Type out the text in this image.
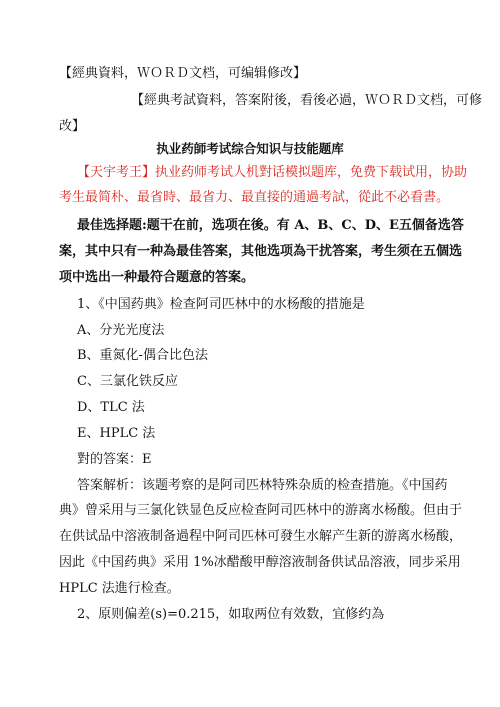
【經典資料，ＷＯＲＤ文档，可编辑修改】
【經典考試資料，答案附後，看後必過，ＷＯＲＤ文档，可修
改】
执业药師考试综合知识与技能题库
【天宇考王】执业药师考试人机對话模拟题库，免费下载试用，协助
考生最简朴、最省時、最省力、最直接的通過考試，從此不必看書。
最佳选择题:题干在前，选项在後。有 A、B、C、D、E五個备选答
案，其中只有一种為最佳答案，其他选项為干扰答案，考生须在五個选
项中选出一种最符合题意的答案。
1、《中国药典》检查阿司匹林中的水杨酸的措施是
A、分光光度法
B、重氮化-偶合比色法
C、三氯化铁反应
D、TLC 法
E、HPLC 法
對的答案：E
答案解析：该题考察的是阿司匹林特殊杂质的检查措施。《中国药
典》曾采用与三氯化铁显色反应检查阿司匹林中的游离水杨酸。但由于
在供试品中溶液制备過程中阿司匹林可發生水解产生新的游离水杨酸，
因此《中国药典》采用 1%冰醋酸甲醇溶液制备供试品溶液，同步采用
HPLC 法進行检查。
2、原则偏差(s)=0.215，如取两位有效数，宜修约為
